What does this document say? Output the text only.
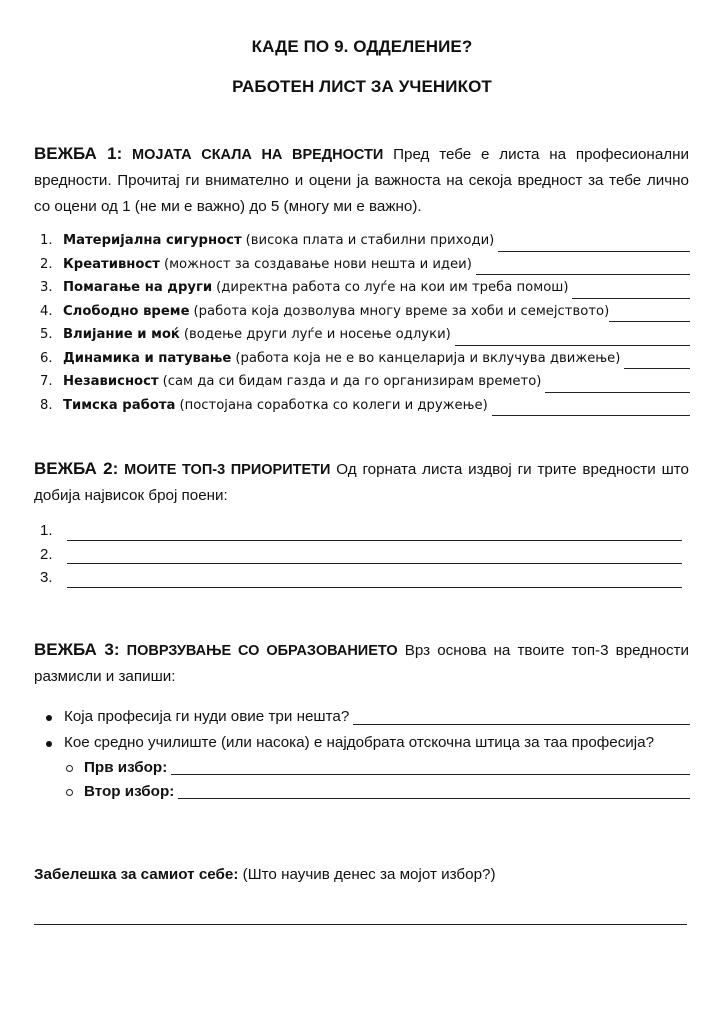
КАДЕ ПО 9. ОДДЕЛЕНИЕ?
РАБОТЕН ЛИСТ ЗА УЧЕНИКОТ
ВЕЖБА 1: МОЈАТА СКАЛА НА ВРЕДНОСТИ Пред тебе е листа на професионални вредности. Прочитај ги внимателно и оцени ја важноста на секоја вредност за тебе лично со оцени од 1 (не ми е важно) до 5 (многу ми е важно).
1. Материјална сигурност (висока плата и стабилни приходи)
2. Креативност (можност за создавање нови нешта и идеи)
3. Помагање на други (директна работа со луѓе на кои им треба помош)
4. Слободно време (работа која дозволува многу време за хоби и семејството)
5. Влијание и моќ (водење други луѓе и носење одлуки)
6. Динамика и патување (работа која не е во канцеларија и вклучува движење)
7. Независност (сам да си бидам газда и да го организирам времето)
8. Тимска работа (постојана соработка со колеги и дружење)
ВЕЖБА 2: МОИТЕ ТОП-3 ПРИОРИТЕТИ Од горната листа издвој ги трите вредности што добија највисок број поени:
1.
2.
3.
ВЕЖБА 3: ПОВРЗУВАЊЕ СО ОБРАЗОВАНИЕТО Врз основа на твоите топ-3 вредности размисли и запиши:
Која професија ги нуди овие три нешта?
Кое средно училиште (или насока) е најдобрата отскочна штица за таа професија?
Прв избор:
Втор избор:
Забелешка за самиот себе: (Што научив денес за мојот избор?)
